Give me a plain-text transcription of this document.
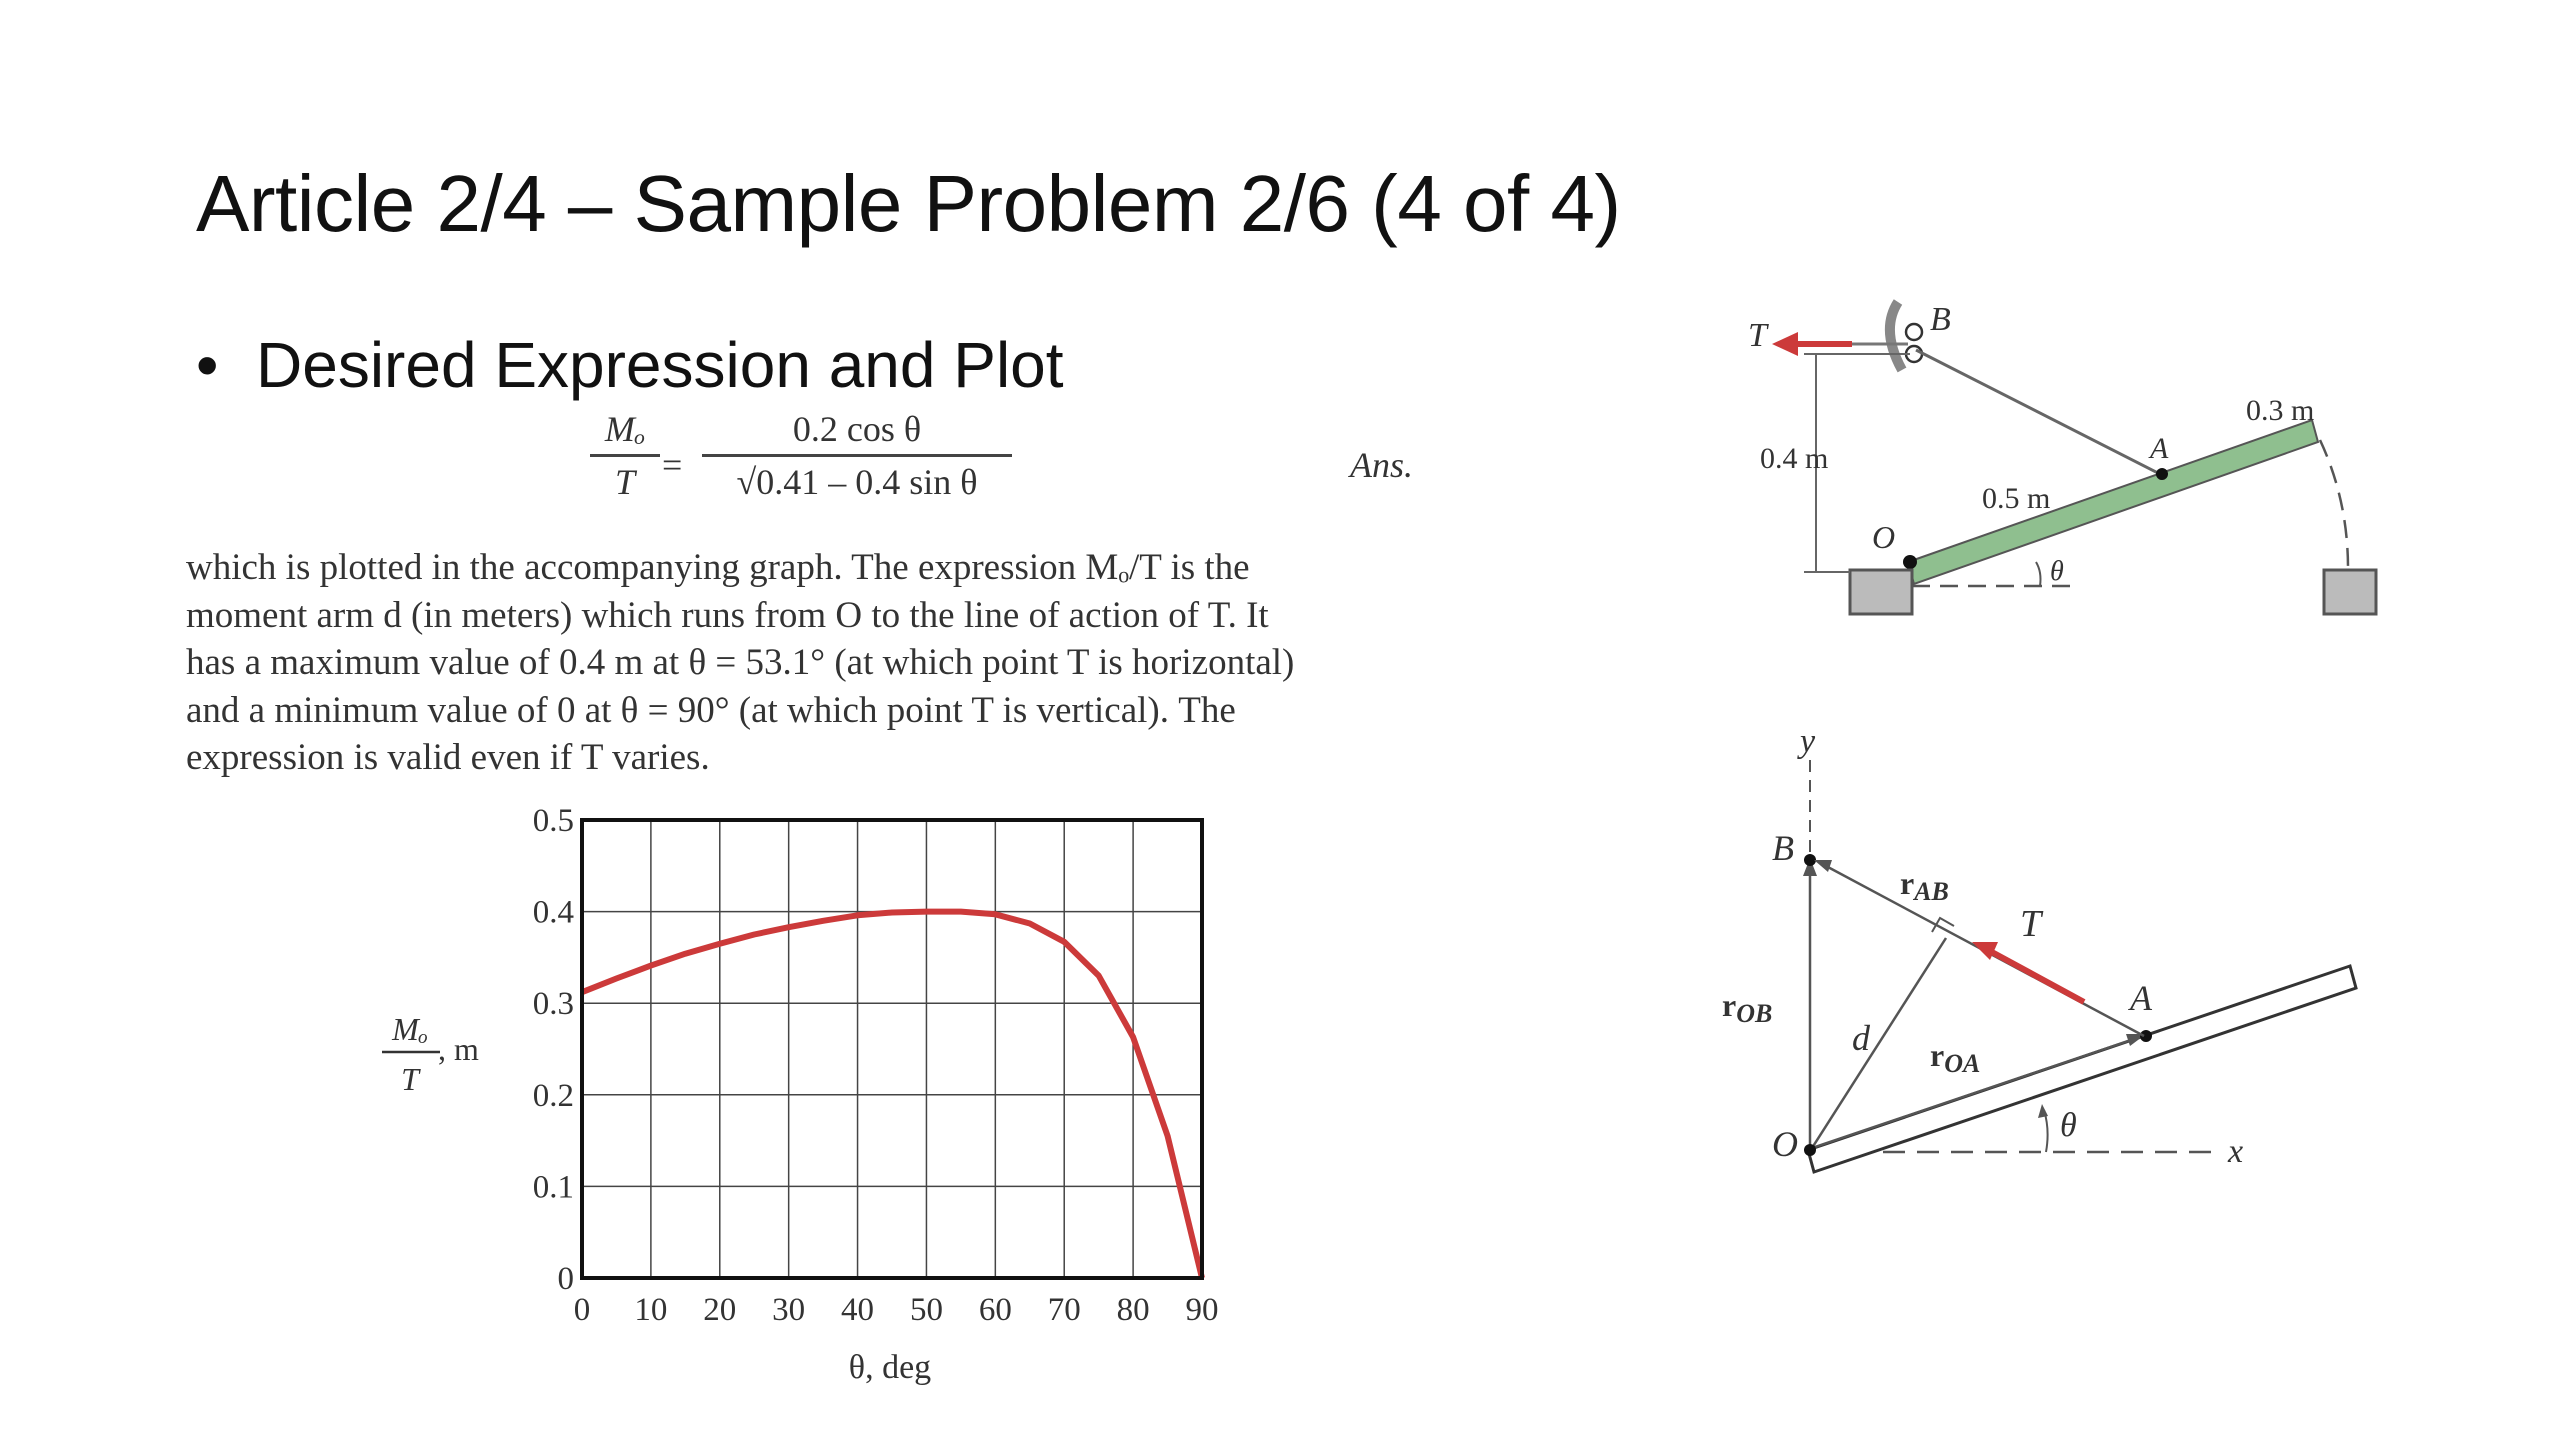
Article 2/4 – Sample Problem 2/6 (4 of 4)
• Desired Expression and Plot
Mₒ
T =
0.2 cos θ
√0.41 – 0.4 sin θ	Ans.
which is plotted in the accompanying graph. The expression Mₒ/T is the
moment arm d (in meters) which runs from O to the line of action of T. It
has a maximum value of 0.4 m at θ = 53.1° (at which point T is horizontal)
and a minimum value of 0 at θ = 90° (at which point T is vertical). The
expression is valid even if T varies.
0 10 20 30 40 50 60 70 80 90
0
0.1
0.2
0.3
0.4
0.5
θ, deg
Mₒ
T
, m
T	B
A
O
θ
0.4 m
0.5 m
0.3 m
y
x
B
A
T
d
O	θ
rAB
rOB
rOA
